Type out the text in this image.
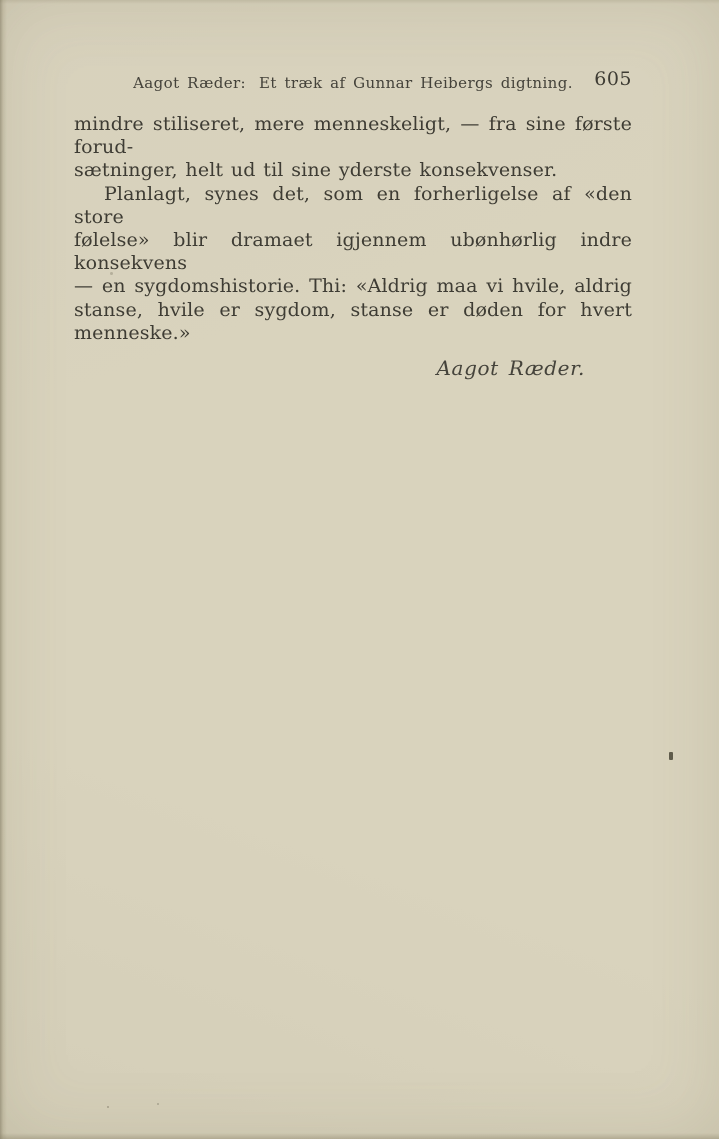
Aagot Ræder: Et træk af Gunnar Heibergs digtning. 605

mindre stiliseret, mere menneskeligt, — fra sine første forud-

sætninger, helt ud til sine yderste konsekvenser.

Planlagt, synes det, som en forherligelse af «den store

følelse» blir dramaet igjennem ubønhørlig indre konsekvens

— en sygdomshistorie. Thi: «Aldrig maa vi hvile, aldrig

stanse, hvile er sygdom, stanse er døden for hvert menneske.»

Aagot Ræder.
